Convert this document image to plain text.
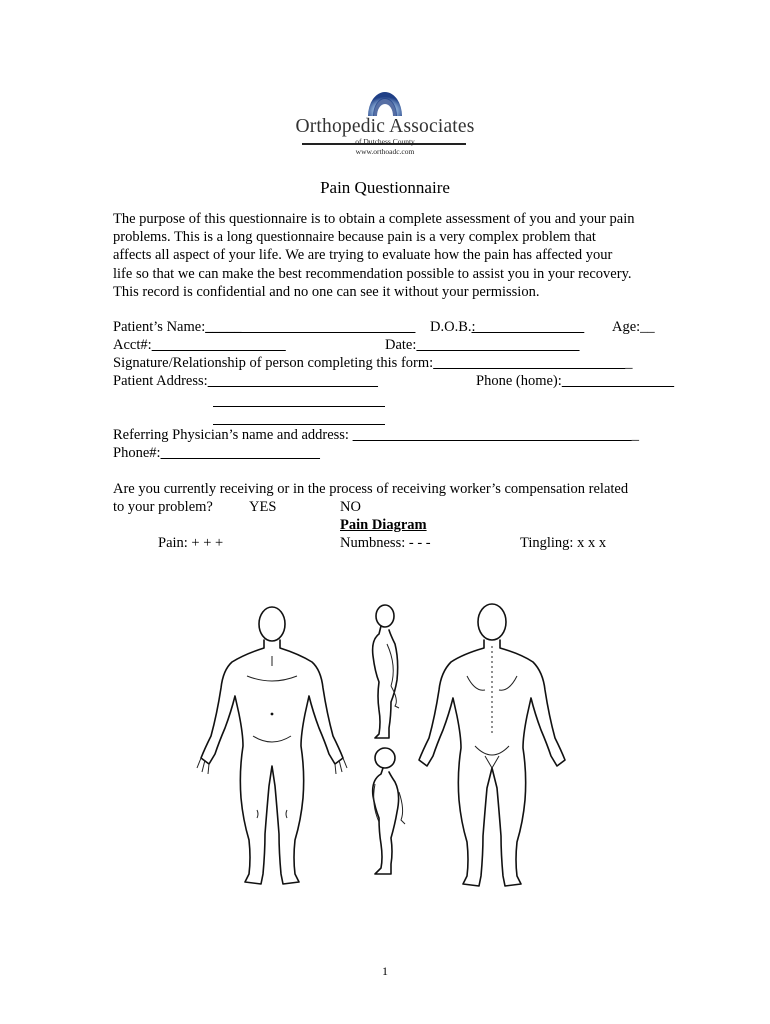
Orthopedic Associates
of Dutchess County
www.orthoadc.com
Pain Questionnaire

The purpose of this questionnaire is to obtain a complete assessment of you and your pain

problems. This is a long questionnaire because pain is a very complex problem that

affects all aspect of your life. We are trying to evaluate how the pain has affected your

life so that we can make the best recommendation possible to assist you in your recovery.

This record is confidential and no one can see it without your permission.

Patient’s Name:_____	D.O.B.:	Age:__
Acct#:	Date:
Signature/Relationship of person completing this form:	_
Patient Address:	Phone (home):
Referring Physician’s name and address:	_
Phone#:
Are you currently receiving or in the process of receiving worker’s compensation related
to your problem? YES	NO
Pain Diagram
Pain: + + +	Numbness: - - -	Tingling: x x x
1
